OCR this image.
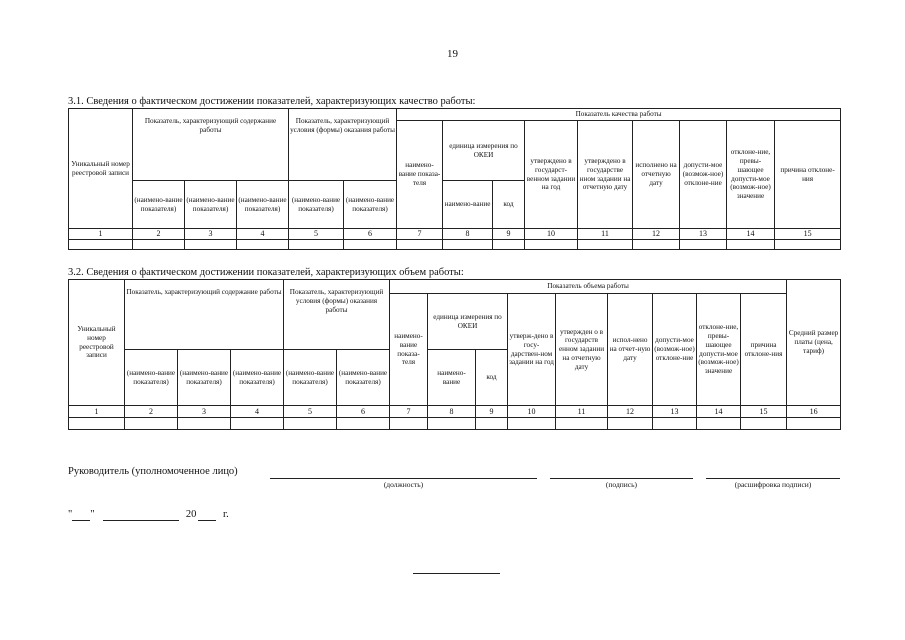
19
3.1. Сведения о фактическом достижении показателей, характеризующих качество работы:
Уникальный номер реестровой записи	Показатель, характеризующий содержание работы			Показатель, характеризующий условия (формы) оказания работы		Показатель качества работы								
						наимено-вание показа-теля	единица измерения по ОКЕИ		утверждено в государст-венном задании на год	утверждено в государстве нном задании на отчетную дату	исполнено на отчетную дату	допусти-мое (возмож-ное) отклоне-ние	отклоне-ние, превы-шающее допусти-мое (возмож-ное) значение	причина отклоне-ния
	(наимено-вание показателя)	(наимено-вание показателя)	(наимено-вание показателя)	(наимено-вание показателя)	(наимено-вание показателя)		наимено-вание	код						
1	2	3	4	5	6	7	8	9	10	11	12	13	14	15

3.2. Сведения о фактическом достижении показателей, характеризующих объем работы:
Уникальный номер реестровой записи	Показатель, характеризующий содержание работы			Показатель, характеризующий условия (формы) оказания работы		Показатель объема работы									Средний размер платы (цена, тариф)
						наимено-вание показа-теля	единица измерения по ОКЕИ		утверж-дено в госу-дарствен-ном задании на год	утвержден о в государств енном задании на отчетную дату	испол-нено на отчет-ную дату	допусти-мое (возмож-ное) отклоне-ние	отклоне-ние, превы-шающее допусти-мое (возмож-ное) значение	причина отклоне-ния	
	(наимено-вание показателя)	(наимено-вание показателя)	(наимено-вание показателя)	(наимено-вание показателя)	(наимено-вание показателя)		наимено-вание	код							
1	2	3	4	5	6	7	8	9	10	11	12	13	14	15	16

Руководитель (уполномоченное лицо)
(должность)	(подпись)	(расшифровка подписи)
" "	20	г.
